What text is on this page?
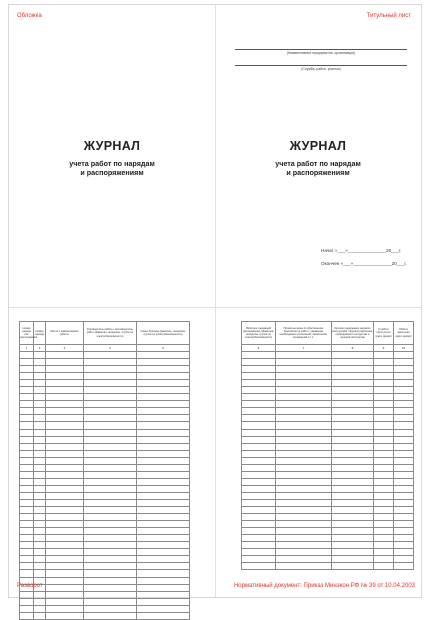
Обложка
ЖУРНАЛ
учета работ по нарядам
и распоряжениям
Титульный лист
(Наименование предприятия, организации)
(Служба, район, участок)
ЖУРНАЛ
учета работ по нарядам
и распоряжениям
Начат «___»_______________20___г.
Окончен «___»_______________20___г.
Номер наряда или распоряжения	Номер наряда	Место и наименование работы	Руководитель работы, производитель работ (фамилия, инициалы, группа по электробезопасности)	Члены бригады (фамилия, инициалы, группа по электробезопасности)
1	2	3	4	5

Работник, выдавший распоряжение (фамилия, инициалы, группа по электробезопасности)	Принятые меры по обеспечению безопасности работ с указанием необходимых отключений, заземлений, ограждений и т.п.	Краткое содержание целевого инструктажа. Подписи работника, проводившего инструктаж и целевой инструктаж	К работе приступили (дата, время)	Работа закончена (дата, время)
6	7	8	9	10

Разворот	Нормативный документ: Приказ Минэкон РФ № 39 от 10.04.2003
